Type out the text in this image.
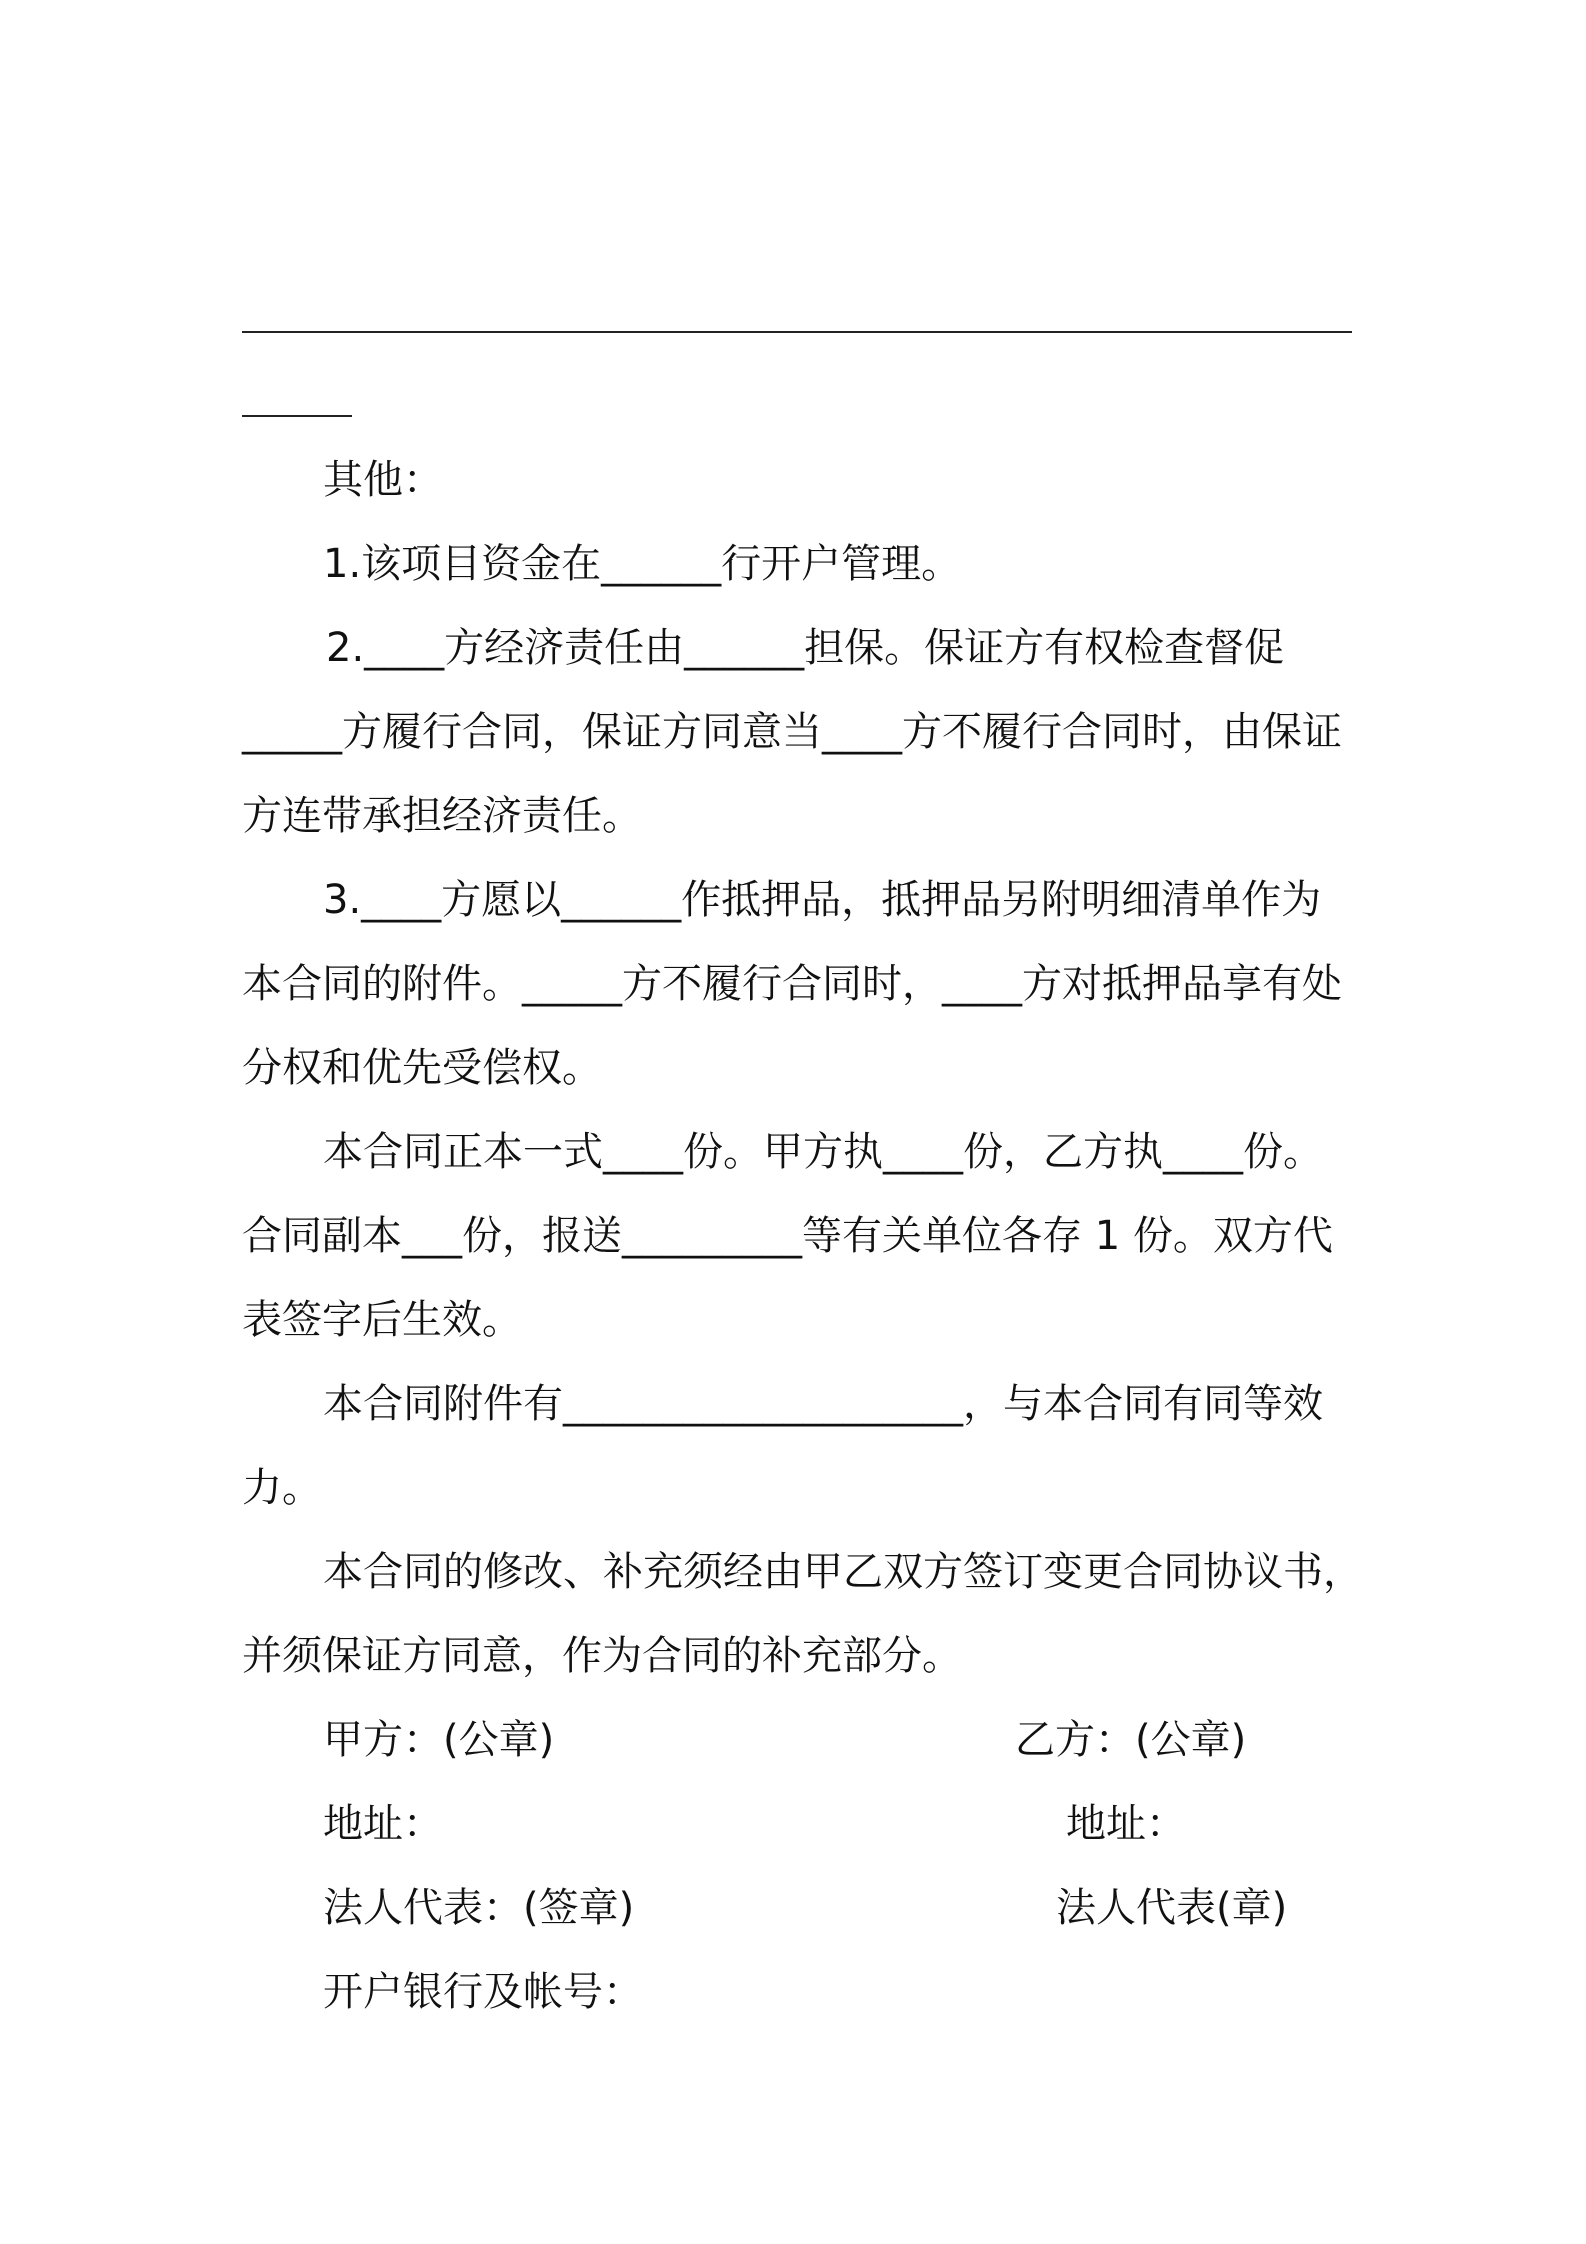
其他：
1.该项目资金在______行开户管理。
2.____方经济责任由______担保。保证方有权检查督促
_____方履行合同，保证方同意当____方不履行合同时，由保证
方连带承担经济责任。
3.____方愿以______作抵押品，抵押品另附明细清单作为
本合同的附件。_____方不履行合同时，____方对抵押品享有处
分权和优先受偿权。
本合同正本一式____份。甲方执____份，乙方执____份。
合同副本___份，报送_________等有关单位各存 1 份。双方代
表签字后生效。
本合同附件有____________________，与本合同有同等效
力。
本合同的修改、补充须经由甲乙双方签订变更合同协议书，
并须保证方同意，作为合同的补充部分。
甲方：(公章)	乙方：(公章)
地址：	地址：
法人代表：(签章)	法人代表(章)
开户银行及帐号：
